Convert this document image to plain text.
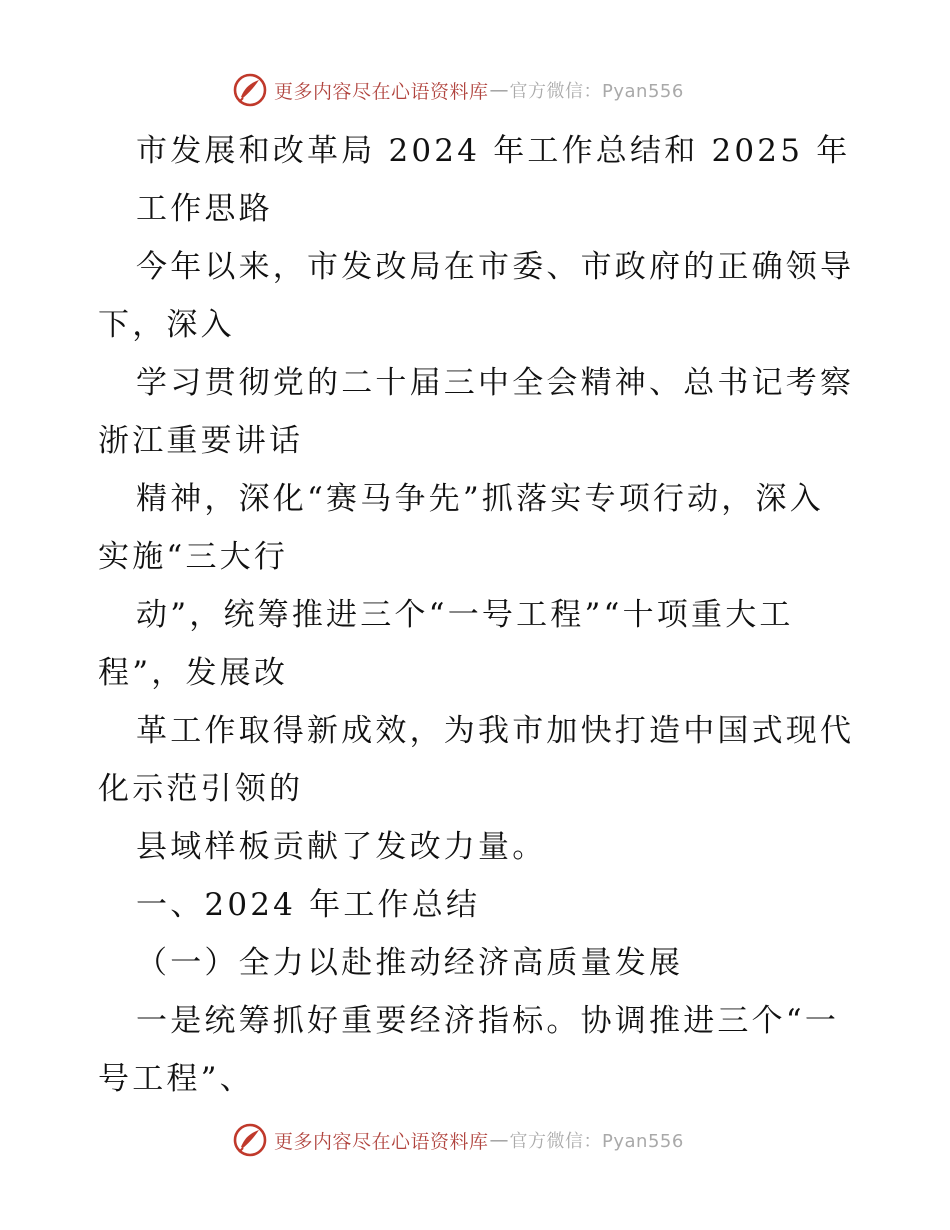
更多内容尽在心语资料库 — 官方微信：Pyan556
市发展和改革局 2024 年工作总结和 2025 年
工作思路
今年以来，市发改局在市委、市政府的正确领导
下，深入
学习贯彻党的二十届三中全会精神、总书记考察
浙江重要讲话
精神，深化“赛马争先”抓落实专项行动，深入
实施“三大行
动”，统筹推进三个“一号工程”“十项重大工
程”，发展改
革工作取得新成效，为我市加快打造中国式现代
化示范引领的
县域样板贡献了发改力量。
一、2024 年工作总结
（一）全力以赴推动经济高质量发展
一是统筹抓好重要经济指标。协调推进三个“一
号工程”、
更多内容尽在心语资料库 — 官方微信：Pyan556
